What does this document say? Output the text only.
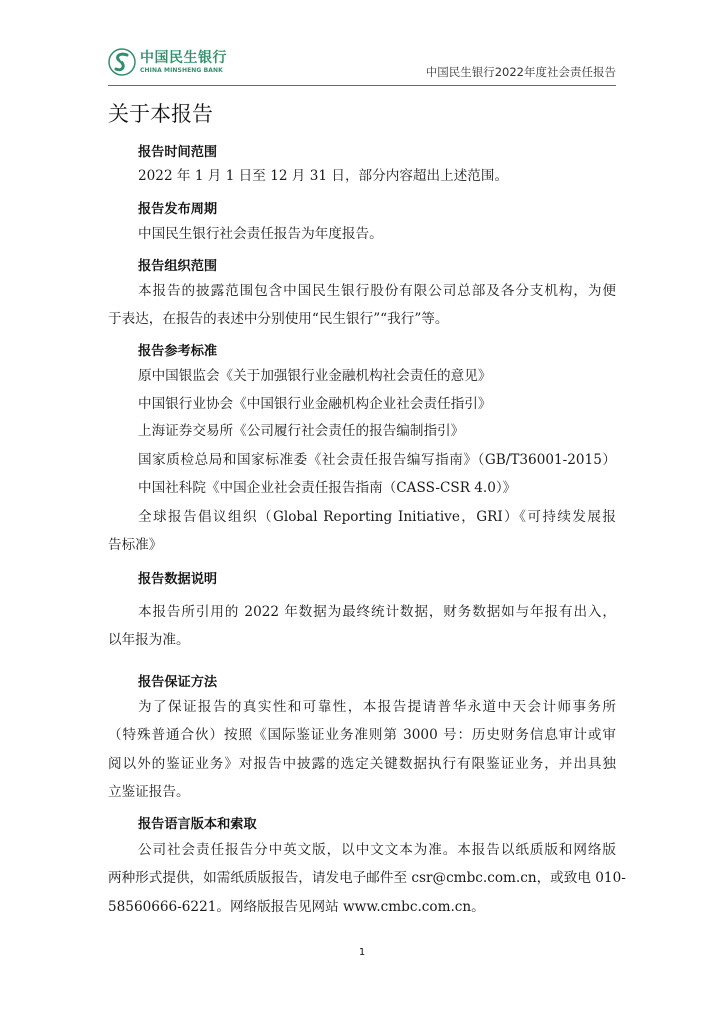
中国民生银行
CHINA MINSHENG BANK	中国民生银行2022年度社会责任报告
关于本报告
报告时间范围
2022 年 1 月 1 日至 12 月 31 日，部分内容超出上述范围。
报告发布周期
中国民生银行社会责任报告为年度报告。
报告组织范围
本报告的披露范围包含中国民生银行股份有限公司总部及各分支机构，为便
于表达，在报告的表述中分别使用“民生银行”“我行”等。
报告参考标准
原中国银监会《关于加强银行业金融机构社会责任的意见》
中国银行业协会《中国银行业金融机构企业社会责任指引》
上海证券交易所《公司履行社会责任的报告编制指引》
国家质检总局和国家标准委《社会责任报告编写指南》（GB/T36001-2015）
中国社科院《中国企业社会责任报告指南（CASS-CSR 4.0）》
全球报告倡议组织（Global Reporting Initiative，GRI）《可持续发展报
告标准》
报告数据说明
本报告所引用的 2022 年数据为最终统计数据，财务数据如与年报有出入，
以年报为准。
报告保证方法
为了保证报告的真实性和可靠性，本报告提请普华永道中天会计师事务所
（特殊普通合伙）按照《国际鉴证业务准则第 3000 号：历史财务信息审计或审
阅以外的鉴证业务》对报告中披露的选定关键数据执行有限鉴证业务，并出具独
立鉴证报告。
报告语言版本和索取
公司社会责任报告分中英文版，以中文文本为准。本报告以纸质版和网络版
两种形式提供，如需纸质版报告，请发电子邮件至 csr@cmbc.com.cn，或致电 010-
58560666-6221。网络版报告见网站 www.cmbc.com.cn。
1
